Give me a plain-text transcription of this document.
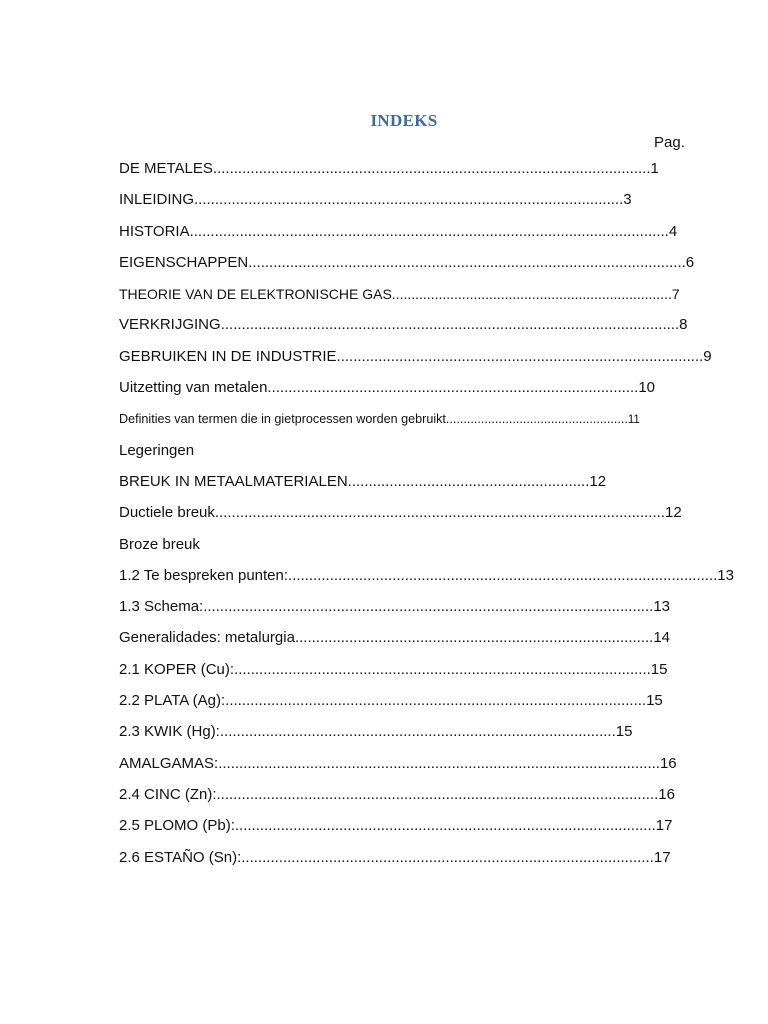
INDEKS
Pag.
DE METALES.........................................................................................................1
INLEIDING.......................................................................................................3
HISTORIA...................................................................................................................4
EIGENSCHAPPEN.........................................................................................................6
THEORIE VAN DE ELEKTRONISCHE GAS........................................................................7
VERKRIJGING..............................................................................................................8
GEBRUIKEN IN DE INDUSTRIE........................................................................................9
Uitzetting van metalen.........................................................................................10
Definities van termen die in gietprocessen worden gebruikt....................................................11
Legeringen
BREUK IN METAALMATERIALEN..........................................................12
Ductiele breuk............................................................................................................12
Broze breuk
1.2 Te bespreken punten:.......................................................................................................13
1.3 Schema:............................................................................................................13
Generalidades: metalurgia......................................................................................14
2.1 KOPER (Cu):....................................................................................................15
2.2 PLATA (Ag):.....................................................................................................15
2.3 KWIK (Hg):...............................................................................................15
AMALGAMAS:..........................................................................................................16
2.4 CINC (Zn):..........................................................................................................16
2.5 PLOMO (Pb):.....................................................................................................17
2.6 ESTAÑO (Sn):...................................................................................................17
